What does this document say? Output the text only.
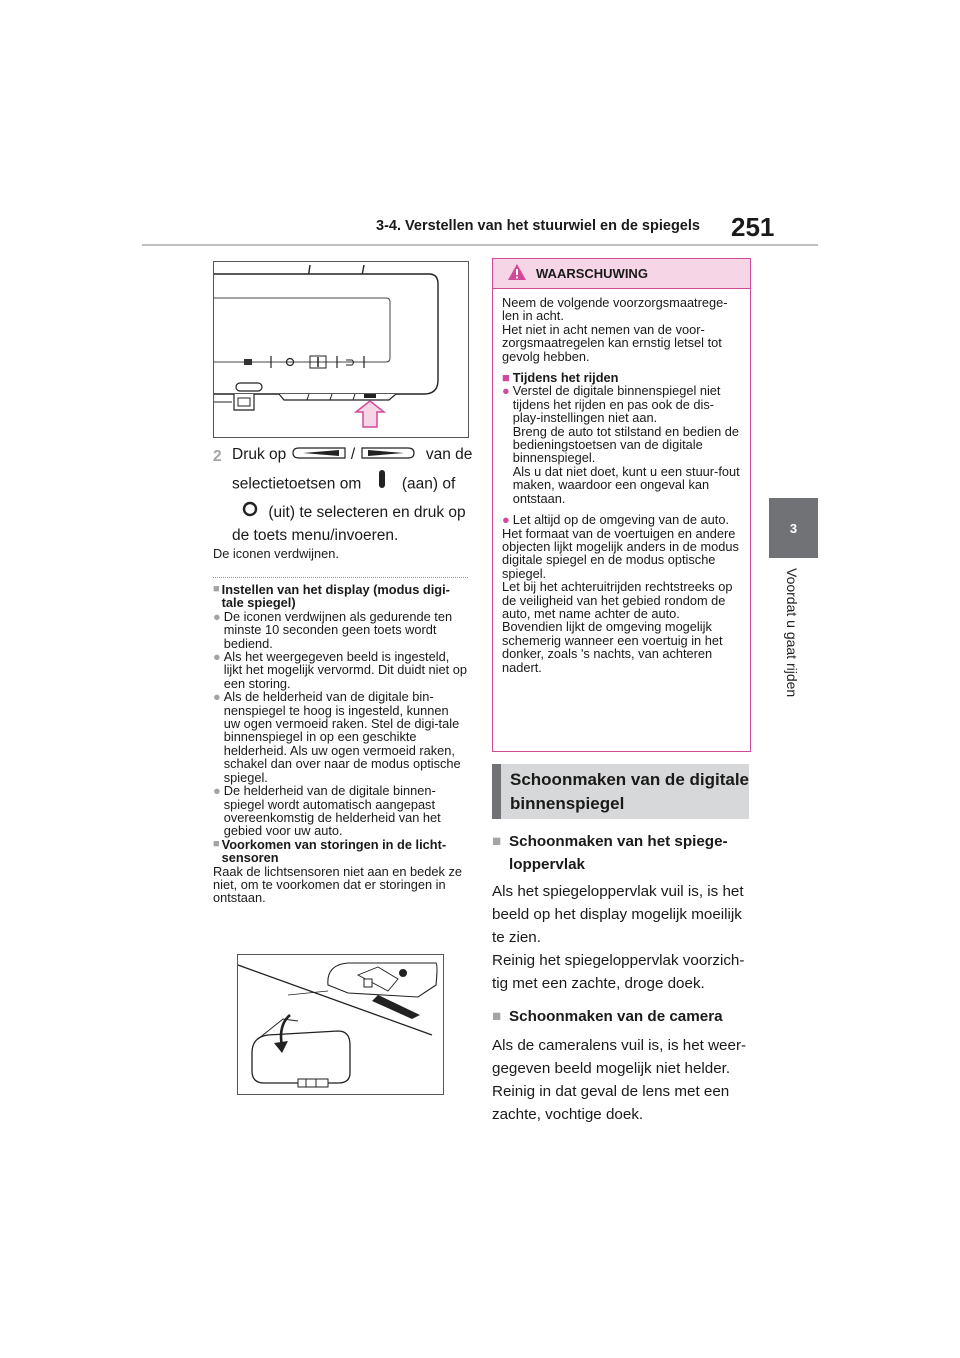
3-4. Verstellen van het stuurwiel en de spiegels 251
3
Voordat u gaat rijden
2 Druk op	/	van de
selectietoetsen om	(aan) of
(uit) te selecteren en druk op
de toets menu/invoeren.
De iconen verdwijnen.
■ Instellen van het display (modus digi-tale spiegel)
● De iconen verdwijnen als gedurende ten minste 10 seconden geen toets wordt bediend.
● Als het weergegeven beeld is ingesteld, lijkt het mogelijk vervormd. Dit duidt niet op een storing.
● Als de helderheid van de digitale bin-nenspiegel te hoog is ingesteld, kunnen uw ogen vermoeid raken. Stel de digi-tale binnenspiegel in op een geschikte helderheid. Als uw ogen vermoeid raken, schakel dan over naar de modus optische spiegel.
● De helderheid van de digitale binnen-spiegel wordt automatisch aangepast overeenkomstig de helderheid van het gebied voor uw auto.
■ Voorkomen van storingen in de licht-sensoren
Raak de lichtsensoren niet aan en bedek ze niet, om te voorkomen dat er storingen in ontstaan.
WAARSCHUWING
Neem de volgende voorzorgsmaatrege-len in acht.
Het niet in acht nemen van de voor-zorgsmaatregelen kan ernstig letsel tot gevolg hebben.
■ Tijdens het rijden
● Verstel de digitale binnenspiegel niet tijdens het rijden en pas ook de dis-play-instellingen niet aan.
Breng de auto tot stilstand en bedien de bedieningstoetsen van de digitale binnenspiegel.
Als u dat niet doet, kunt u een stuur-fout maken, waardoor een ongeval kan ontstaan.
● Let altijd op de omgeving van de auto.
Het formaat van de voertuigen en andere objecten lijkt mogelijk anders in de modus digitale spiegel en de modus optische spiegel.
Let bij het achteruitrijden rechtstreeks op de veiligheid van het gebied rondom de auto, met name achter de auto.
Bovendien lijkt de omgeving mogelijk schemerig wanneer een voertuig in het donker, zoals 's nachts, van achteren nadert.
Schoonmaken van de digitale binnenspiegel
■ Schoonmaken van het spiege-loppervlak

Als het spiegeloppervlak vuil is, is het beeld op het display mogelijk moeilijk te zien.
Reinig het spiegeloppervlak voorzich-tig met een zachte, droge doek.

■ Schoonmaken van de camera

Als de cameralens vuil is, is het weer-gegeven beeld mogelijk niet helder.
Reinig in dat geval de lens met een zachte, vochtige doek.
